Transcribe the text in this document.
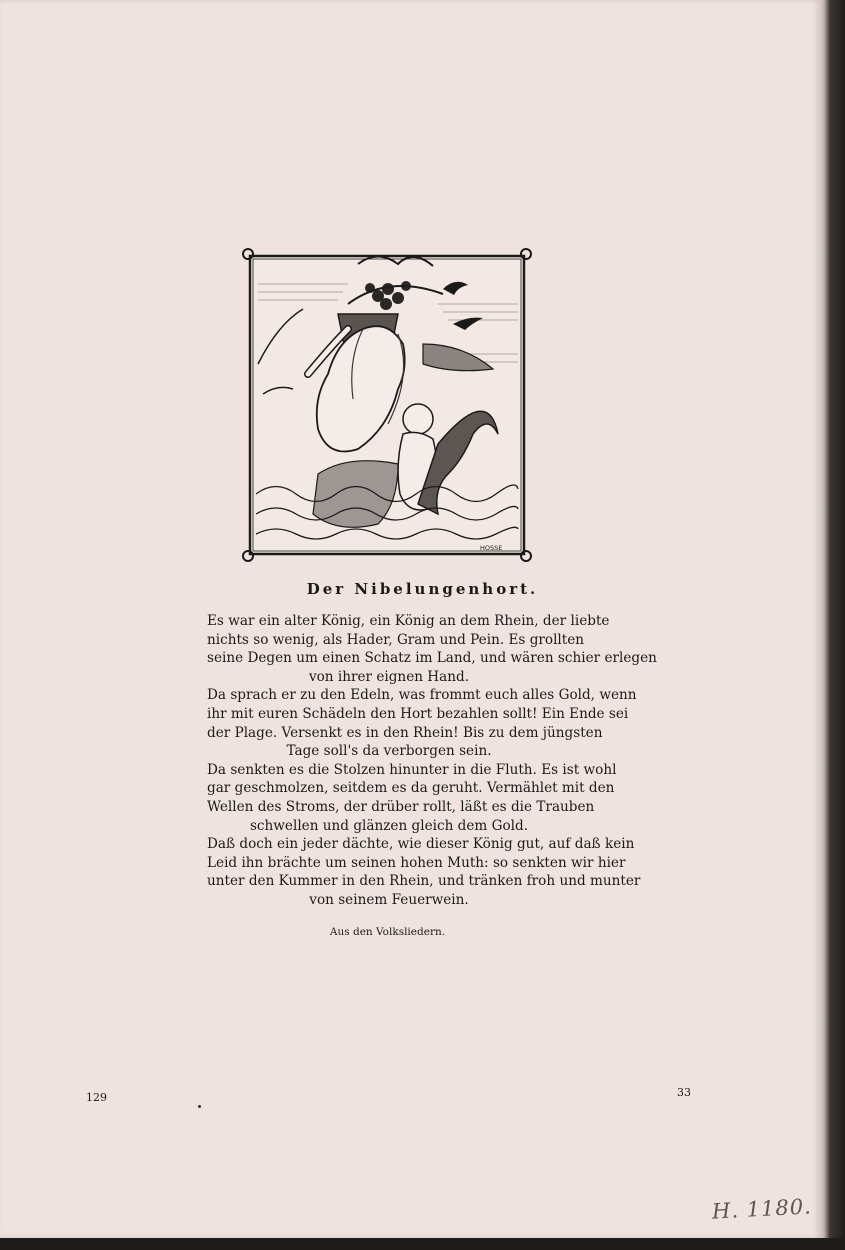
HOSSE
Der Nibelungenhort.

Es war ein alter König, ein König an dem Rhein, der liebte
nichts so wenig, als Hader, Gram und Pein. Es grollten
seine Degen um einen Schatz im Land, und wären schier erlegen
von ihrer eignen Hand.

Da sprach er zu den Edeln, was frommt euch alles Gold, wenn
ihr mit euren Schädeln den Hort bezahlen sollt! Ein Ende sei
der Plage. Versenkt es in den Rhein! Bis zu dem jüngsten
Tage soll's da verborgen sein.

Da senkten es die Stolzen hinunter in die Fluth. Es ist wohl
gar geschmolzen, seitdem es da geruht. Vermählet mit den
Wellen des Stroms, der drüber rollt, läßt es die Trauben
schwellen und glänzen gleich dem Gold.

Daß doch ein jeder dächte, wie dieser König gut, auf daß kein
Leid ihn brächte um seinen hohen Muth: so senkten wir hier
unter den Kummer in den Rhein, und tränken froh und munter
von seinem Feuerwein.

Aus den Volksliedern.
129	33
H. 1180.
